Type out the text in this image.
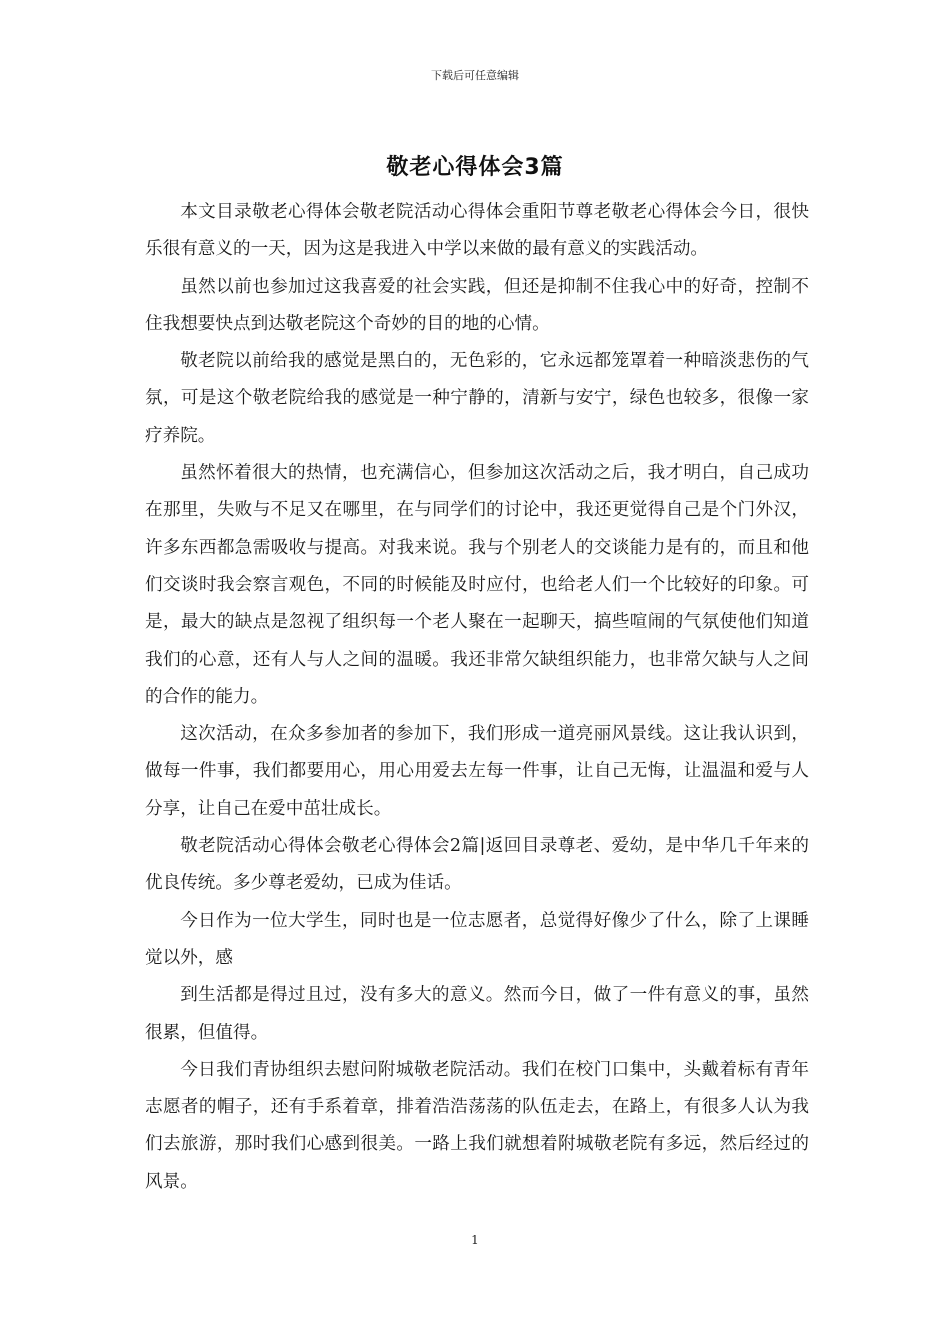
下载后可任意编辑
敬老心得体会3篇

本文目录敬老心得体会敬老院活动心得体会重阳节尊老敬老心得体会今日，很快乐很有意义的一天，因为这是我进入中学以来做的最有意义的实践活动。

虽然以前也参加过这我喜爱的社会实践，但还是抑制不住我心中的好奇，控制不住我想要快点到达敬老院这个奇妙的目的地的心情。

敬老院以前给我的感觉是黑白的，无色彩的，它永远都笼罩着一种暗淡悲伤的气氛，可是这个敬老院给我的感觉是一种宁静的，清新与安宁，绿色也较多，很像一家疗养院。

虽然怀着很大的热情，也充满信心，但参加这次活动之后，我才明白，自己成功在那里，失败与不足又在哪里，在与同学们的讨论中，我还更觉得自己是个门外汉，许多东西都急需吸收与提高。对我来说。我与个别老人的交谈能力是有的，而且和他们交谈时我会察言观色，不同的时候能及时应付，也给老人们一个比较好的印象。可是，最大的缺点是忽视了组织每一个老人聚在一起聊天，搞些喧闹的气氛使他们知道我们的心意，还有人与人之间的温暖。我还非常欠缺组织能力，也非常欠缺与人之间的合作的能力。

这次活动，在众多参加者的参加下，我们形成一道亮丽风景线。这让我认识到，做每一件事，我们都要用心，用心用爱去左每一件事，让自己无悔，让温温和爱与人分享，让自己在爱中茁壮成长。

敬老院活动心得体会敬老心得体会2篇|返回目录尊老、爱幼，是中华几千年来的优良传统。多少尊老爱幼，已成为佳话。

今日作为一位大学生，同时也是一位志愿者，总觉得好像少了什么，除了上课睡觉以外，感

到生活都是得过且过，没有多大的意义。然而今日，做了一件有意义的事，虽然很累，但值得。

今日我们青协组织去慰问附城敬老院活动。我们在校门口集中，头戴着标有青年志愿者的帽子，还有手系着章，排着浩浩荡荡的队伍走去，在路上，有很多人认为我们去旅游，那时我们心感到很美。一路上我们就想着附城敬老院有多远，然后经过的风景。

1
